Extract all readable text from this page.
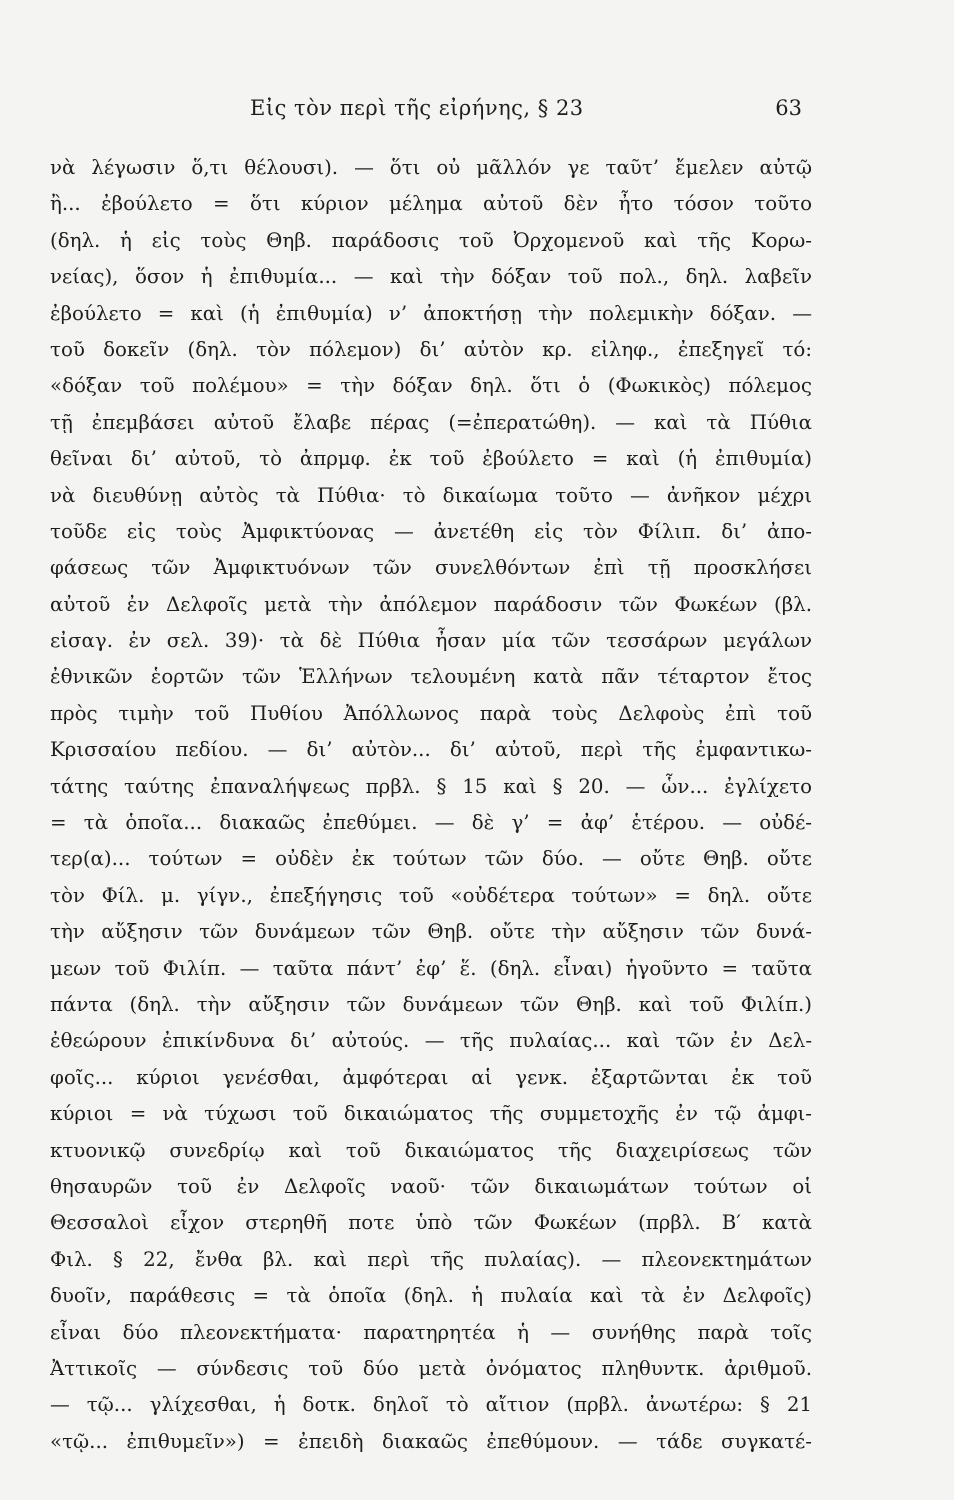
Εἰς τὸν περὶ τῆς εἰρήνης, § 23	63
νὰ λέγωσιν ὅ,τι θέλουσι). — ὅτι οὐ μᾶλλόν γε ταῦτ’ ἔμελεν αὐτῷ
ἢ... ἐβούλετο = ὅτι κύριον μέλημα αὐτοῦ δὲν ἦτο τόσον τοῦτο
(δηλ. ἡ εἰς τοὺς Θηβ. παράδοσις τοῦ Ὀρχομενοῦ καὶ τῆς Κορω-
νείας), ὅσον ἡ ἐπιθυμία... — καὶ τὴν δόξαν τοῦ πολ., δηλ. λαβεῖν
ἐβούλετο = καὶ (ἡ ἐπιθυμία) ν’ ἀποκτήσῃ τὴν πολεμικὴν δόξαν. —
τοῦ δοκεῖν (δηλ. τὸν πόλεμον) δι’ αὐτὸν κρ. εἰληφ., ἐπεξηγεῖ τό:
«δόξαν τοῦ πολέμου» = τὴν δόξαν δηλ. ὅτι ὁ (Φωκικὸς) πόλεμος
τῇ ἐπεμβάσει αὐτοῦ ἔλαβε πέρας (=ἐπερατώθη). — καὶ τὰ Πύθια
θεῖναι δι’ αὐτοῦ, τὸ ἀπρμφ. ἐκ τοῦ ἐβούλετο = καὶ (ἡ ἐπιθυμία)
νὰ διευθύνῃ αὐτὸς τὰ Πύθια· τὸ δικαίωμα τοῦτο — ἀνῆκον μέχρι
τοῦδε εἰς τοὺς Ἀμφικτύονας — ἀνετέθη εἰς τὸν Φίλιπ. δι’ ἀπο-
φάσεως τῶν Ἀμφικτυόνων τῶν συνελθόντων ἐπὶ τῇ προσκλήσει
αὐτοῦ ἐν Δελφοῖς μετὰ τὴν ἀπόλεμον παράδοσιν τῶν Φωκέων (βλ.
εἰσαγ. ἐν σελ. 39)· τὰ δὲ Πύθια ἦσαν μία τῶν τεσσάρων μεγάλων
ἐθνικῶν ἑορτῶν τῶν Ἑλλήνων τελουμένη κατὰ πᾶν τέταρτον ἔτος
πρὸς τιμὴν τοῦ Πυθίου Ἀπόλλωνος παρὰ τοὺς Δελφοὺς ἐπὶ τοῦ
Κρισσαίου πεδίου. — δι’ αὐτὸν... δι’ αὐτοῦ, περὶ τῆς ἐμφαντικω-
τάτης ταύτης ἐπαναλήψεως πρβλ. § 15 καὶ § 20. — ὧν... ἐγλίχετο
= τὰ ὁποῖα... διακαῶς ἐπεθύμει. — δὲ γ’ = ἀφ’ ἑτέρου. — οὐδέ-
τερ(α)... τούτων = οὐδὲν ἐκ τούτων τῶν δύο. — οὔτε Θηβ. οὔτε
τὸν Φίλ. μ. γίγν., ἐπεξήγησις τοῦ «οὐδέτερα τούτων» = δηλ. οὔτε
τὴν αὔξησιν τῶν δυνάμεων τῶν Θηβ. οὔτε τὴν αὔξησιν τῶν δυνά-
μεων τοῦ Φιλίπ. — ταῦτα πάντ’ ἐφ’ ἕ. (δηλ. εἶναι) ἡγοῦντο = ταῦτα
πάντα (δηλ. τὴν αὔξησιν τῶν δυνάμεων τῶν Θηβ. καὶ τοῦ Φιλίπ.)
ἐθεώρουν ἐπικίνδυνα δι’ αὐτούς. — τῆς πυλαίας... καὶ τῶν ἐν Δελ-
φοῖς... κύριοι γενέσθαι, ἀμφότεραι αἱ γενκ. ἐξαρτῶνται ἐκ τοῦ
κύριοι = νὰ τύχωσι τοῦ δικαιώματος τῆς συμμετοχῆς ἐν τῷ ἀμφι-
κτυονικῷ συνεδρίῳ καὶ τοῦ δικαιώματος τῆς διαχειρίσεως τῶν
θησαυρῶν τοῦ ἐν Δελφοῖς ναοῦ· τῶν δικαιωμάτων τούτων οἱ
Θεσσαλοὶ εἶχον στερηθῆ ποτε ὑπὸ τῶν Φωκέων (πρβλ. Β′ κατὰ
Φιλ. § 22, ἔνθα βλ. καὶ περὶ τῆς πυλαίας). — πλεονεκτημάτων
δυοῖν, παράθεσις = τὰ ὁποῖα (δηλ. ἡ πυλαία καὶ τὰ ἐν Δελφοῖς)
εἶναι δύο πλεονεκτήματα· παρατηρητέα ἡ — συνήθης παρὰ τοῖς
Ἀττικοῖς — σύνδεσις τοῦ δύο μετὰ ὀνόματος πληθυντκ. ἀριθμοῦ.
— τῷ... γλίχεσθαι, ἡ δοτκ. δηλοῖ τὸ αἴτιον (πρβλ. ἀνωτέρω: § 21
«τῷ... ἐπιθυμεῖν») = ἐπειδὴ διακαῶς ἐπεθύμουν. — τάδε συγκατέ-
